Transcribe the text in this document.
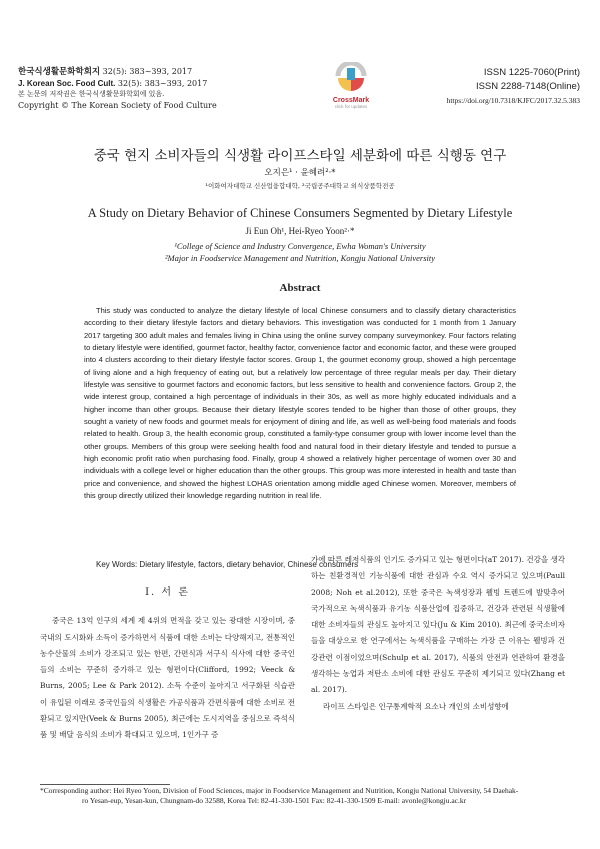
한국식생활문화학회지 32(5): 383~393, 2017
J. Korean Soc. Food Cult. 32(5): 383~393, 2017
본 논문의 저작권은 한국식생활문화학회에 있음.
Copyright © The Korean Society of Food Culture
CrossMark
click for updates
ISSN 1225-7060(Print)
ISSN 2288-7148(Online)
https://doi.org/10.7318/KJFC/2017.32.5.383
중국 현지 소비자들의 식생활 라이프스타일 세분화에 따른 식행동 연구
오지은¹ · 윤혜려²·*
¹이화여자대학교 신산업융합대학, ²국립공주대학교 외식상품학전공
A Study on Dietary Behavior of Chinese Consumers Segmented by Dietary Lifestyle
Ji Eun Oh¹, Hei-Ryeo Yoon²·*
¹College of Science and Industry Convergence, Ewha Woman's University
²Major in Foodservice Management and Nutrition, Kongju National University
Abstract
This study was conducted to analyze the dietary lifestyle of local Chinese consumers and to classify dietary characteristics according to their dietary lifestyle factors and dietary behaviors. This investigation was conducted for 1 month from 1 January 2017 targeting 300 adult males and females living in China using the online survey company surveymonkey. Four factors relating to dietary lifestyle were identified, gourmet factor, healthy factor, convenience factor and economic factor, and these were grouped into 4 clusters according to their dietary lifestyle factor scores. Group 1, the gourmet economy group, showed a high percentage of living alone and a high frequency of eating out, but a relatively low percentage of three regular meals per day. Their dietary lifestyle was sensitive to gourmet factors and economic factors, but less sensitive to health and convenience factors. Group 2, the wide interest group, contained a high percentage of individuals in their 30s, as well as more highly educated individuals and a higher income than other groups. Because their dietary lifestyle scores tended to be higher than those of other groups, they sought a variety of new foods and gourmet meals for enjoyment of dining and life, as well as well-being food materials and foods related to health. Group 3, the health economic group, constituted a family-type consumer group with lower income level than the other groups. Members of this group were seeking health food and natural food in their dietary lifestyle and tended to pursue a high economic profit ratio when purchasing food. Finally, group 4 showed a relatively higher percentage of women over 30 and individuals with a college level or higher education than the other groups. This group was more interested in health and taste than price and convenience, and showed the highest LOHAS orientation among middle aged Chinese women. Moreover, members of this group directly utilized their knowledge regarding nutrition in real life.
Key Words: Dietary lifestyle, factors, dietary behavior, Chinese consumers
Ⅰ. 서 론

중국은 13억 인구의 세계 제 4위의 면적을 갖고 있는 광대한 시장이며, 중국내의 도시화와 소득이 증가하면서 식품에 대한 소비는 다양해지고, 전통적인 농수산물의 소비가 강조되고 있는 한편, 간편식과 서구식 식사에 대한 중국인들의 소비는 꾸준히 증가하고 있는 형편이다(Clifford, 1992; Veeck & Burns, 2005; Lee & Park 2012). 소득 수준이 높아지고 서구화된 식습관이 유입된 이래로 중국인들의 식생활은 가공식품과 간편식품에 대한 소비로 전환되고 있지만(Veek & Burns 2005), 최근에는 도시지역을 중심으로 즉석식품 및 배달 음식의 소비가 확대되고 있으며, 1인가구 증

가에 따른 레저식품의 인기도 증가되고 있는 형편이다(aT 2017). 건강을 생각하는 친환경적인 기능식품에 대한 관심과 수요 역시 증가되고 있으며(Paull 2008; Noh et al.2012), 또한 중국은 녹색성장과 웰빙 트렌드에 발맞추어 국가적으로 녹색식품과 유기농 식품산업에 집중하고, 건강과 관련된 식생활에 대한 소비자들의 관심도 높아지고 있다(Ju & Kim 2010). 최근에 중국소비자들을 대상으로 한 연구에서는 녹색식품을 구매하는 가장 큰 이유는 웰빙과 건강관련 이점이었으며(Schulp et al. 2017), 식품의 안전과 연관하여 환경을 생각하는 농업과 저탄소 소비에 대한 관심도 꾸준히 제기되고 있다(Zhang et al. 2017).

라이프 스타일은 인구통계학적 요소나 개인의 소비성향에

*Corresponding author: Hei Ryeo Yoon, Division of Food Sciences, major in Foodservice Management and Nutrition, Kongju National University, 54 Daehak-
ro Yesan-eup, Yesan-kun, Chungnam-do 32588, Korea Tel: 82-41-330-1501 Fax: 82-41-330-1509 E-mail: avonle@kongju.ac.kr
